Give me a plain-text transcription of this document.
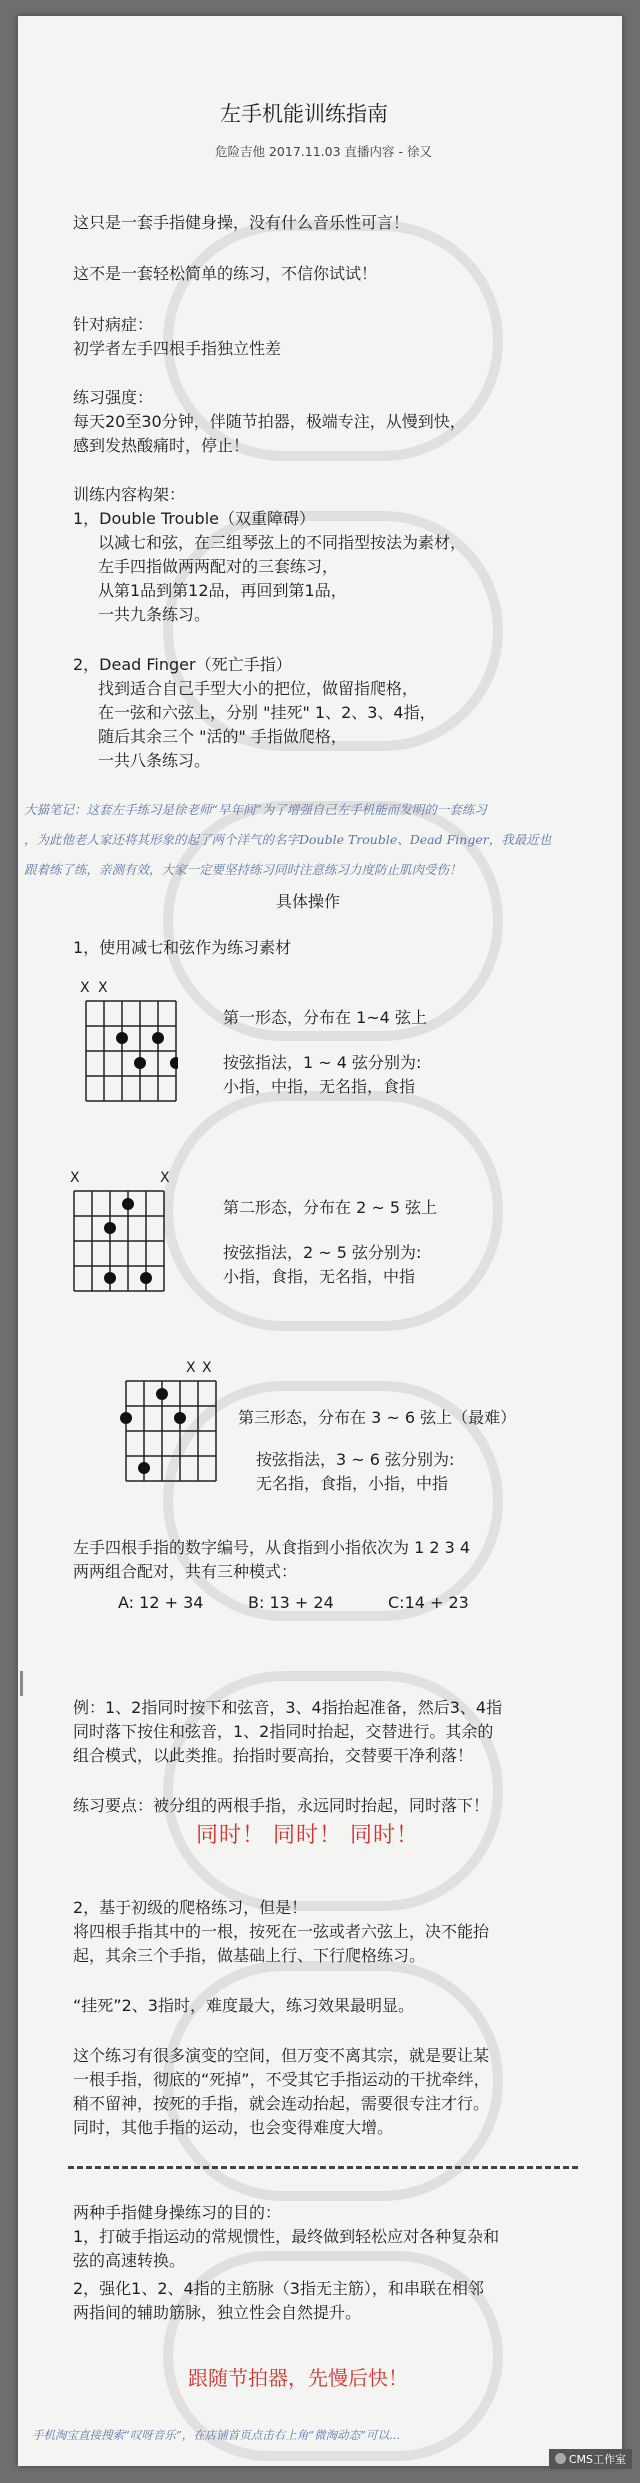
左手机能训练指南
危险吉他 2017.11.03 直播内容 - 徐又
这只是一套手指健身操，没有什么音乐性可言！
这不是一套轻松简单的练习，不信你试试！
针对病症：
初学者左手四根手指独立性差
练习强度：
每天20至30分钟，伴随节拍器，极端专注，从慢到快，
感到发热酸痛时，停止！
训练内容构架：
1，Double Trouble（双重障碍）
以减七和弦，在三组琴弦上的不同指型按法为素材，
左手四指做两两配对的三套练习，
从第1品到第12品，再回到第1品，
一共九条练习。
2，Dead Finger（死亡手指）
找到适合自己手型大小的把位，做留指爬格，
在一弦和六弦上，分别 "挂死" 1、2、3、4指，
随后其余三个 "活的" 手指做爬格，
一共八条练习。
大猫笔记：这套左手练习是徐老师“早年间”为了增强自己左手机能而发明的一套练习
，为此他老人家还将其形象的起了两个洋气的名字Double Trouble、Dead Finger，我最近也
跟着练了练，亲测有效，大家一定要坚持练习同时注意练习力度防止肌肉受伤！
具体操作
1，使用减七和弦作为练习素材
X X
第一形态，分布在 1~4 弦上
按弦指法，1 ~ 4 弦分别为:
小指，中指，无名指，食指
X	X
第二形态，分布在 2 ~ 5 弦上
按弦指法，2 ~ 5 弦分别为:
小指，食指，无名指，中指
X X
第三形态，分布在 3 ~ 6 弦上（最难）
按弦指法，3 ~ 6 弦分别为:
无名指，食指，小指，中指
左手四根手指的数字编号，从食指到小指依次为 1 2 3 4
两两组合配对，共有三种模式：
A: 12 + 34	B: 13 + 24	C:14 + 23
例：1、2指同时按下和弦音，3、4指抬起准备，然后3、4指
同时落下按住和弦音，1、2指同时抬起，交替进行。其余的
组合模式，以此类推。抬指时要高抬，交替要干净利落！
练习要点：被分组的两根手指，永远同时抬起，同时落下！
同时！ 同时！ 同时！
2，基于初级的爬格练习，但是！
将四根手指其中的一根，按死在一弦或者六弦上，决不能抬
起，其余三个手指，做基础上行、下行爬格练习。
“挂死”2、3指时，难度最大，练习效果最明显。
这个练习有很多演变的空间，但万变不离其宗，就是要让某
一根手指，彻底的“死掉”，不受其它手指运动的干扰牵绊，
稍不留神，按死的手指，就会连动抬起，需要很专注才行。
同时，其他手指的运动，也会变得难度大增。
两种手指健身操练习的目的：
1，打破手指运动的常规惯性，最终做到轻松应对各种复杂和
弦的高速转换。
2，强化1、2、4指的主筋脉（3指无主筋），和串联在相邻
两指间的辅助筋脉，独立性会自然提升。
跟随节拍器，先慢后快！
手机淘宝直接搜索“叹呀音乐”，在店铺首页点击右上角“微淘动态”可以...
CMS工作室
